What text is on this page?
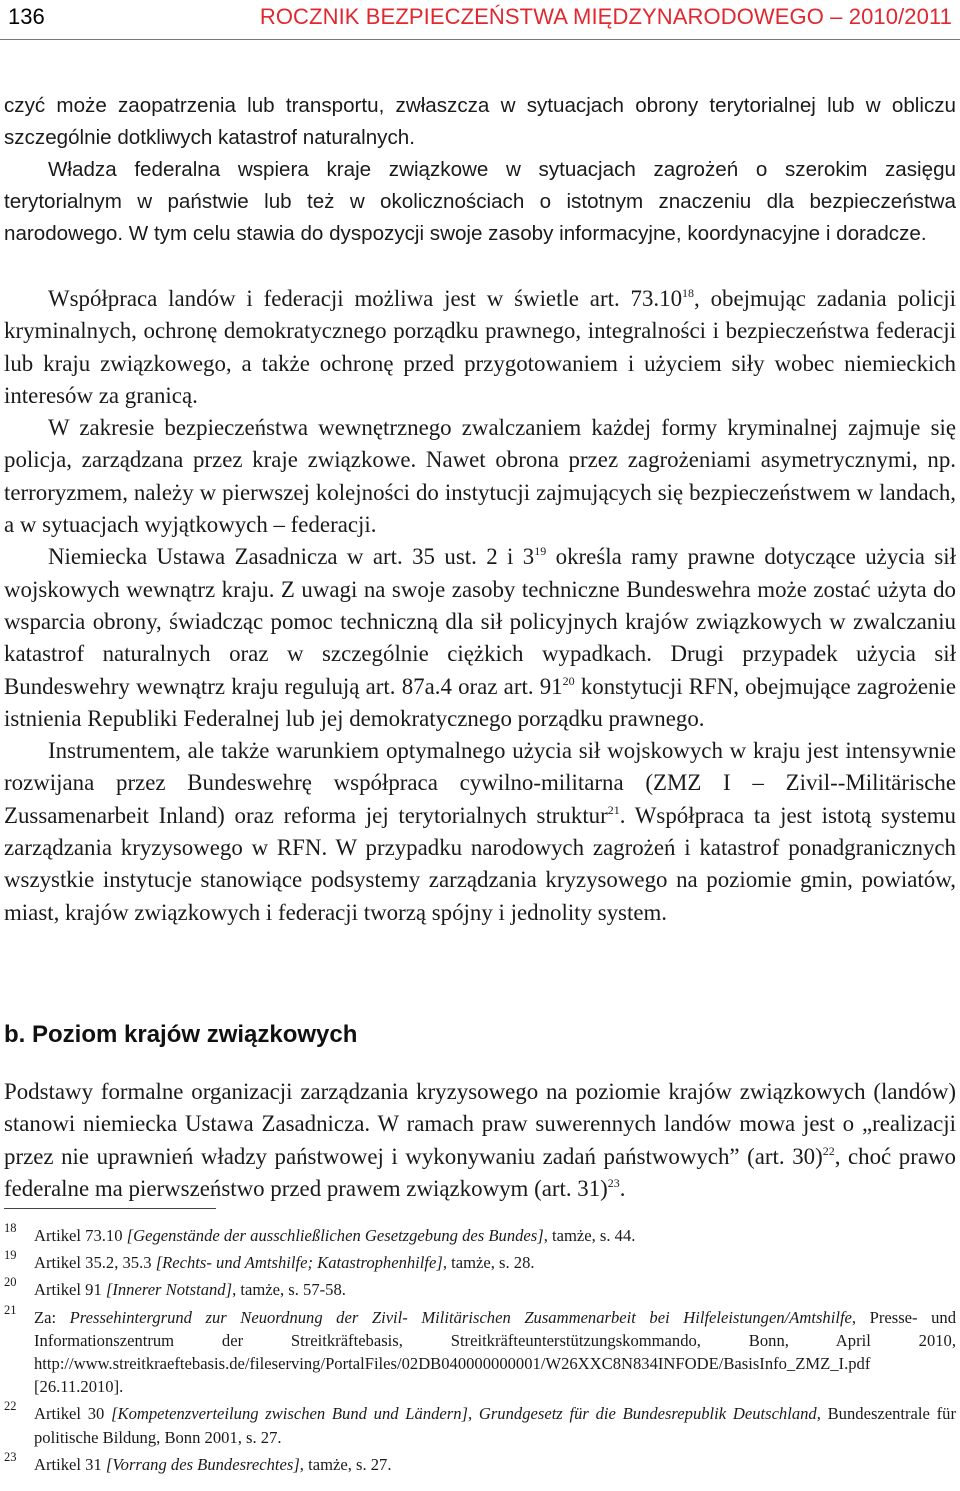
136	ROCZNIK BEZPIECZEŃSTWA MIĘDZYNARODOWEGO – 2010/2011

czyć może zaopatrzenia lub transportu, zwłaszcza w sytuacjach obrony terytorialnej lub w obliczu szczególnie dotkliwych katastrof naturalnych.

Władza federalna wspiera kraje związkowe w sytuacjach zagrożeń o szerokim zasięgu terytorialnym w państwie lub też w okolicznościach o istotnym znaczeniu dla bezpieczeństwa narodowego. W tym celu stawia do dyspozycji swoje zasoby informacyjne, koordynacyjne i doradcze.

Współpraca landów i federacji możliwa jest w świetle art. 73.10$^{18}$, obejmując zadania policji kryminalnych, ochronę demokratycznego porządku prawnego, integralności i bezpieczeństwa federacji lub kraju związkowego, a także ochronę przed przygotowaniem i użyciem siły wobec niemieckich interesów za granicą.

W zakresie bezpieczeństwa wewnętrznego zwalczaniem każdej formy kryminalnej zajmuje się policja, zarządzana przez kraje związkowe. Nawet obrona przez zagrożeniami asymetrycznymi, np. terroryzmem, należy w pierwszej kolejności do instytucji zajmujących się bezpieczeństwem w landach, a w sytuacjach wyjątkowych – federacji.

Niemiecka Ustawa Zasadnicza w art. 35 ust. 2 i $3^{19}$ określa ramy prawne dotyczące użycia sił wojskowych wewnątrz kraju. Z uwagi na swoje zasoby techniczne Bundeswehra może zostać użyta do wsparcia obrony, świadcząc pomoc techniczną dla sił policyjnych krajów związkowych w zwalczaniu katastrof naturalnych oraz w szczególnie ciężkich wypadkach. Drugi przypadek użycia sił Bundeswehry wewnątrz kraju regulują art. 87a.4 oraz art. $91^{20}$ konstytucji RFN, obejmujące zagrożenie istnienia Republiki Federalnej lub jej demokratycznego porządku prawnego.

Instrumentem, ale także warunkiem optymalnego użycia sił wojskowych w kraju jest intensywnie rozwijana przez Bundeswehrę współpraca cywilno-militarna (ZMZ I – Zivil--Militärische Zussamenarbeit Inland) oraz reforma jej terytorialnych struktur$^{21}$. Współpraca ta jest istotą systemu zarządzania kryzysowego w RFN. W przypadku narodowych zagrożeń i katastrof ponadgranicznych wszystkie instytucje stanowiące podsystemy zarządzania kryzysowego na poziomie gmin, powiatów, miast, krajów związkowych i federacji tworzą spójny i jednolity system.

b. Poziom krajów związkowych

Podstawy formalne organizacji zarządzania kryzysowego na poziomie krajów związkowych (landów) stanowi niemiecka Ustawa Zasadnicza. W ramach praw suwerennych landów mowa jest o „realizacji przez nie uprawnień władzy państwowej i wykonywaniu zadań państwowych” (art. 30)$^{22}$, choć prawo federalne ma pierwszeństwo przed prawem związkowym (art. 31)$^{23}$.

18 Artikel 73.10 [Gegenstände der ausschließlichen Gesetzgebung des Bundes], tamże, s. 44.
19 Artikel 35.2, 35.3 [Rechts- und Amtshilfe; Katastrophenhilfe], tamże, s. 28.
20 Artikel 91 [Innerer Notstand], tamże, s. 57-58.
21 Za: Pressehintergrund zur Neuordnung der Zivil- Militärischen Zusammenarbeit bei Hilfeleistungen/Amtshilfe, Presse- und Informationszentrum der Streitkräftebasis, Streitkräfteunterstützungskommando, Bonn, April 2010, http://www.streitkraeftebasis.de/fileserving/PortalFiles/02DB040000000001/W26XXC8N834INFODE/BasisInfo_ZMZ_I.pdf [26.11.2010].
22 Artikel 30 [Kompetenzverteilung zwischen Bund und Ländern], Grundgesetz für die Bundesrepublik Deutschland, Bundeszentrale für politische Bildung, Bonn 2001, s. 27.
23 Artikel 31 [Vorrang des Bundesrechtes], tamże, s. 27.
